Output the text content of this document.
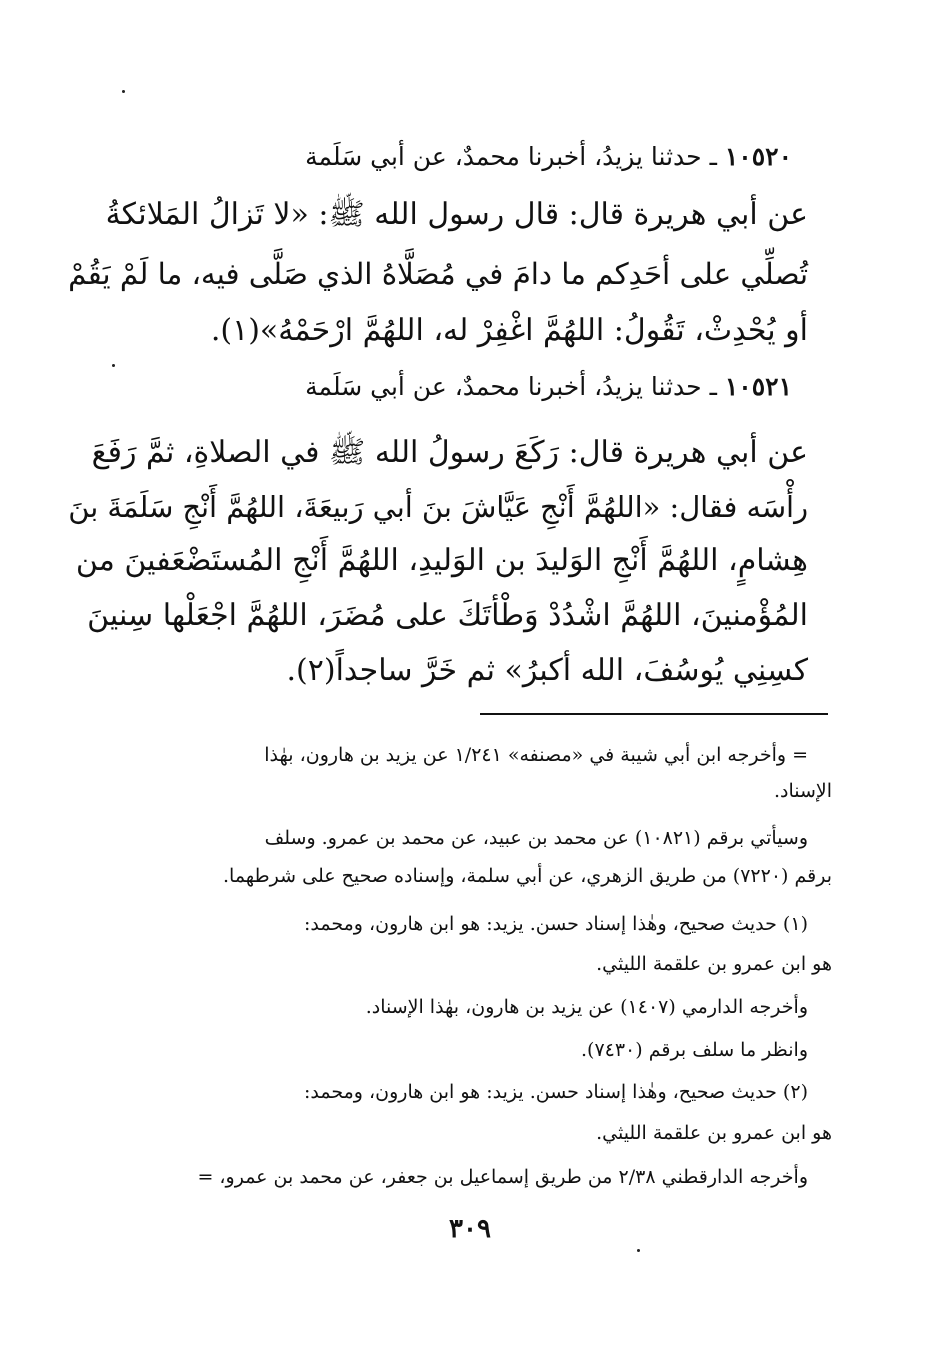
١٠٥٢٠ ـ حدثنا يزيدُ، أخبرنا محمدٌ، عن أبي سَلَمة
عن أبي هريرة قال: قال رسول الله ﷺ: «لا تَزالُ المَلائكةُ
تُصلِّي على أحَدِكم ما دامَ في مُصَلَّاهُ الذي صَلَّى فيه، ما لَمْ يَقُمْ
أو يُحْدِثْ، تَقُولُ: اللهُمَّ اغْفِرْ له، اللهُمَّ ارْحَمْهُ»(١).
١٠٥٢١ ـ حدثنا يزيدُ، أخبرنا محمدٌ، عن أبي سَلَمة
عن أبي هريرة قال: رَكَعَ رسولُ الله ﷺ في الصلاةِ، ثمَّ رَفَعَ
رأْسَه فقال: «اللهُمَّ أَنْجِ عَيَّاشَ بنَ أبي رَبيعَةَ، اللهُمَّ أَنْجِ سَلَمَةَ بنَ
هِشامٍ، اللهُمَّ أَنْجِ الوَليدَ بن الوَليدِ، اللهُمَّ أَنْجِ المُستَضْعَفينَ من
المُؤْمنينَ، اللهُمَّ اشْدُدْ وَطْأتَكَ على مُضَرَ، اللهُمَّ اجْعَلْها سِنينَ
كسِنِي يُوسُفَ، الله أكبرُ» ثم خَرَّ ساجداً(٢).
= وأخرجه ابن أبي شيبة في «مصنفه» ١/٢٤١ عن يزيد بن هارون، بهٰذا
الإسناد.
وسيأتي برقم (١٠٨٢١) عن محمد بن عبيد، عن محمد بن عمرو. وسلف
برقم (٧٢٢٠) من طريق الزهري، عن أبي سلمة، وإسناده صحيح على شرطهما.
(١) حديث صحيح، وهٰذا إسناد حسن. يزيد: هو ابن هارون، ومحمد:
هو ابن عمرو بن علقمة الليثي.
وأخرجه الدارمي (١٤٠٧) عن يزيد بن هارون، بهٰذا الإسناد.
وانظر ما سلف برقم (٧٤٣٠).
(٢) حديث صحيح، وهٰذا إسناد حسن. يزيد: هو ابن هارون، ومحمد:
هو ابن عمرو بن علقمة الليثي.
وأخرجه الدارقطني ٢/٣٨ من طريق إسماعيل بن جعفر، عن محمد بن عمرو، =
٣٠٩
